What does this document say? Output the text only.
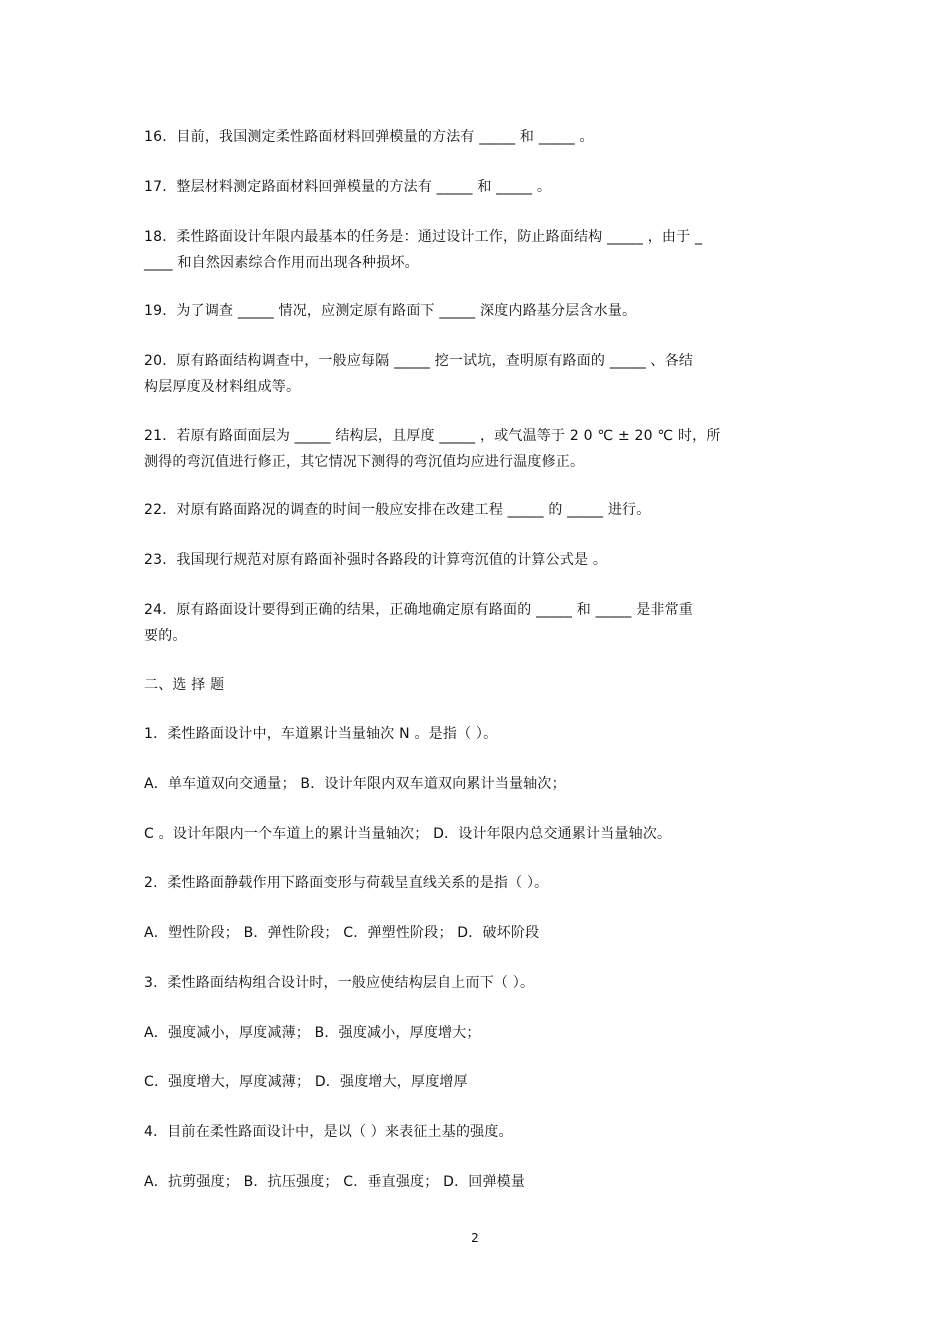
16．目前，我国测定柔性路面材料回弹模量的方法有 _____ 和 _____ 。
17．整层材料测定路面材料回弹模量的方法有 _____ 和 _____ 。
18．柔性路面设计年限内最基本的任务是：通过设计工作，防止路面结构 _____ ，由于 _
____ 和自然因素综合作用而出现各种损坏。
19．为了调查 _____ 情况，应测定原有路面下 _____ 深度内路基分层含水量。
20．原有路面结构调查中，一般应每隔 _____ 挖一试坑，查明原有路面的 _____ 、各结
构层厚度及材料组成等。
21．若原有路面面层为 _____ 结构层，且厚度 _____ ，或气温等于 2 0 ℃ ± 20 ℃ 时，所
测得的弯沉值进行修正，其它情况下测得的弯沉值均应进行温度修正。
22．对原有路面路况的调查的时间一般应安排在改建工程 _____ 的 _____ 进行。
23．我国现行规范对原有路面补强时各路段的计算弯沉值的计算公式是 。
24．原有路面设计要得到正确的结果，正确地确定原有路面的 _____ 和 _____ 是非常重
要的。
二、选 择 题
1．柔性路面设计中，车道累计当量轴次 N 。是指（ ）。
A．单车道双向交通量； B．设计年限内双车道双向累计当量轴次；
C 。设计年限内一个车道上的累计当量轴次； D．设计年限内总交通累计当量轴次。
2．柔性路面静载作用下路面变形与荷载呈直线关系的是指（ ）。
A．塑性阶段； B．弹性阶段； C．弹塑性阶段； D．破坏阶段
3．柔性路面结构组合设计时，一般应使结构层自上而下（ ）。
A．强度减小，厚度减薄； B．强度减小，厚度增大；
C．强度增大，厚度减薄； D．强度增大，厚度增厚
4．目前在柔性路面设计中，是以（ ）来表征土基的强度。
A．抗剪强度； B．抗压强度； C．垂直强度； D．回弹模量
2
